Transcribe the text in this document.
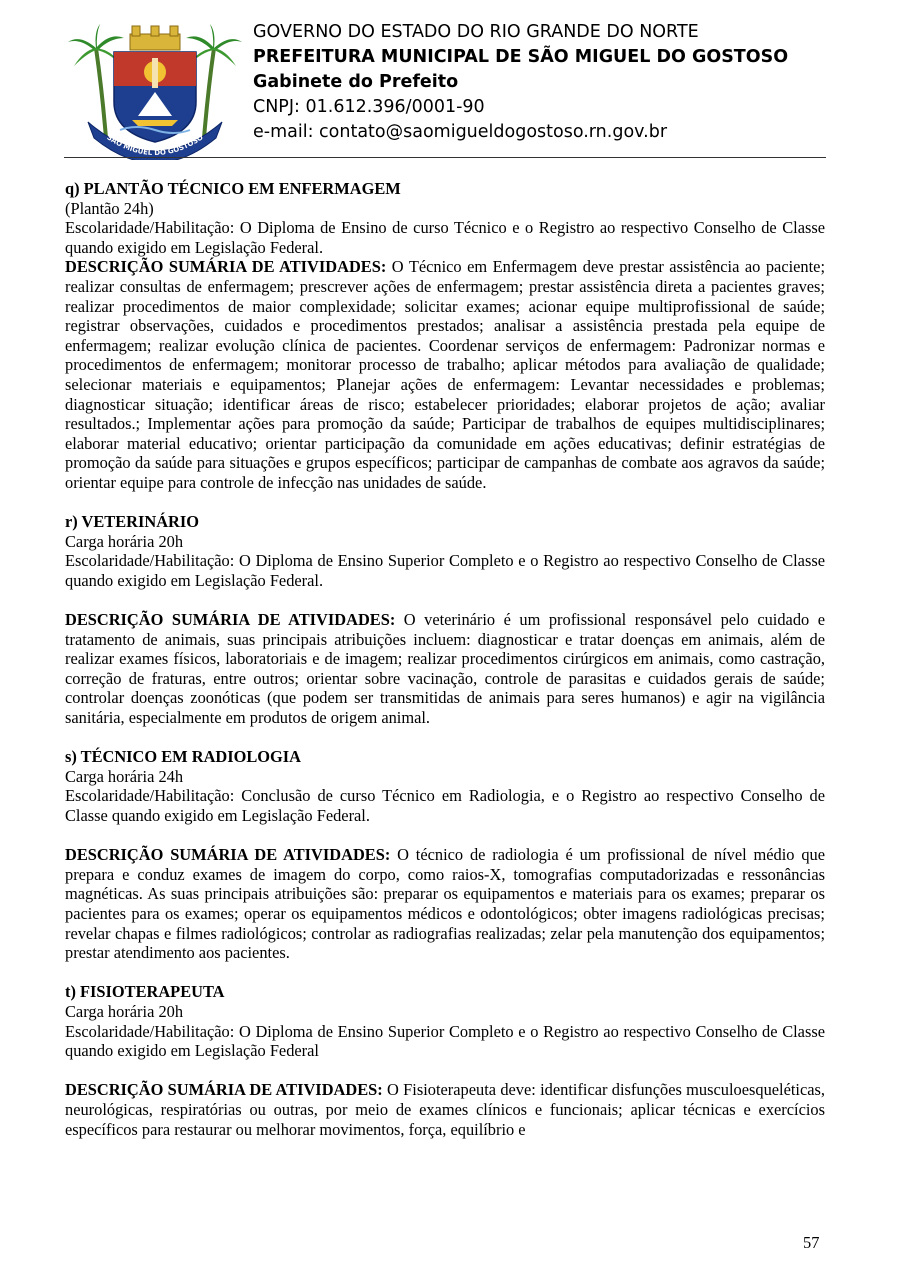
SÃO MIGUEL DO GOSTOSO
GOVERNO DO ESTADO DO RIO GRANDE DO NORTE
PREFEITURA MUNICIPAL DE SÃO MIGUEL DO GOSTOSO
Gabinete do Prefeito
CNPJ: 01.612.396/0001-90
e-mail: contato@saomigueldogostoso.rn.gov.br

q) PLANTÃO TÉCNICO EM ENFERMAGEM

(Plantão 24h)

Escolaridade/Habilitação: O Diploma de Ensino de curso Técnico e o Registro ao respectivo Conselho de Classe quando exigido em Legislação Federal.

DESCRIÇÃO SUMÁRIA DE ATIVIDADES: O Técnico em Enfermagem deve prestar assistência ao paciente; realizar consultas de enfermagem; prescrever ações de enfermagem; prestar assistência direta a pacientes graves; realizar procedimentos de maior complexidade; solicitar exames; acionar equipe multiprofissional de saúde; registrar observações, cuidados e procedimentos prestados; analisar a assistência prestada pela equipe de enfermagem; realizar evolução clínica de pacientes. Coordenar serviços de enfermagem: Padronizar normas e procedimentos de enfermagem; monitorar processo de trabalho; aplicar métodos para avaliação de qualidade; selecionar materiais e equipamentos; Planejar ações de enfermagem: Levantar necessidades e problemas; diagnosticar situação; identificar áreas de risco; estabelecer prioridades; elaborar projetos de ação; avaliar resultados.; Implementar ações para promoção da saúde; Participar de trabalhos de equipes multidisciplinares; elaborar material educativo; orientar participação da comunidade em ações educativas; definir estratégias de promoção da saúde para situações e grupos específicos; participar de campanhas de combate aos agravos da saúde; orientar equipe para controle de infecção nas unidades de saúde.

r) VETERINÁRIO

Carga horária 20h

Escolaridade/Habilitação: O Diploma de Ensino Superior Completo e o Registro ao respectivo Conselho de Classe quando exigido em Legislação Federal.

DESCRIÇÃO SUMÁRIA DE ATIVIDADES: O veterinário é um profissional responsável pelo cuidado e tratamento de animais, suas principais atribuições incluem: diagnosticar e tratar doenças em animais, além de realizar exames físicos, laboratoriais e de imagem; realizar procedimentos cirúrgicos em animais, como castração, correção de fraturas, entre outros; orientar sobre vacinação, controle de parasitas e cuidados gerais de saúde; controlar doenças zoonóticas (que podem ser transmitidas de animais para seres humanos) e agir na vigilância sanitária, especialmente em produtos de origem animal.

s) TÉCNICO EM RADIOLOGIA

Carga horária 24h

Escolaridade/Habilitação: Conclusão de curso Técnico em Radiologia, e o Registro ao respectivo Conselho de Classe quando exigido em Legislação Federal.

DESCRIÇÃO SUMÁRIA DE ATIVIDADES: O técnico de radiologia é um profissional de nível médio que prepara e conduz exames de imagem do corpo, como raios-X, tomografias computadorizadas e ressonâncias magnéticas. As suas principais atribuições são: preparar os equipamentos e materiais para os exames; preparar os pacientes para os exames; operar os equipamentos médicos e odontológicos; obter imagens radiológicas precisas; revelar chapas e filmes radiológicos; controlar as radiografias realizadas; zelar pela manutenção dos equipamentos; prestar atendimento aos pacientes.

t) FISIOTERAPEUTA

Carga horária 20h

Escolaridade/Habilitação: O Diploma de Ensino Superior Completo e o Registro ao respectivo Conselho de Classe quando exigido em Legislação Federal

DESCRIÇÃO SUMÁRIA DE ATIVIDADES: O Fisioterapeuta deve: identificar disfunções musculoesqueléticas, neurológicas, respiratórias ou outras, por meio de exames clínicos e funcionais; aplicar técnicas e exercícios específicos para restaurar ou melhorar movimentos, força, equilíbrio e

57
